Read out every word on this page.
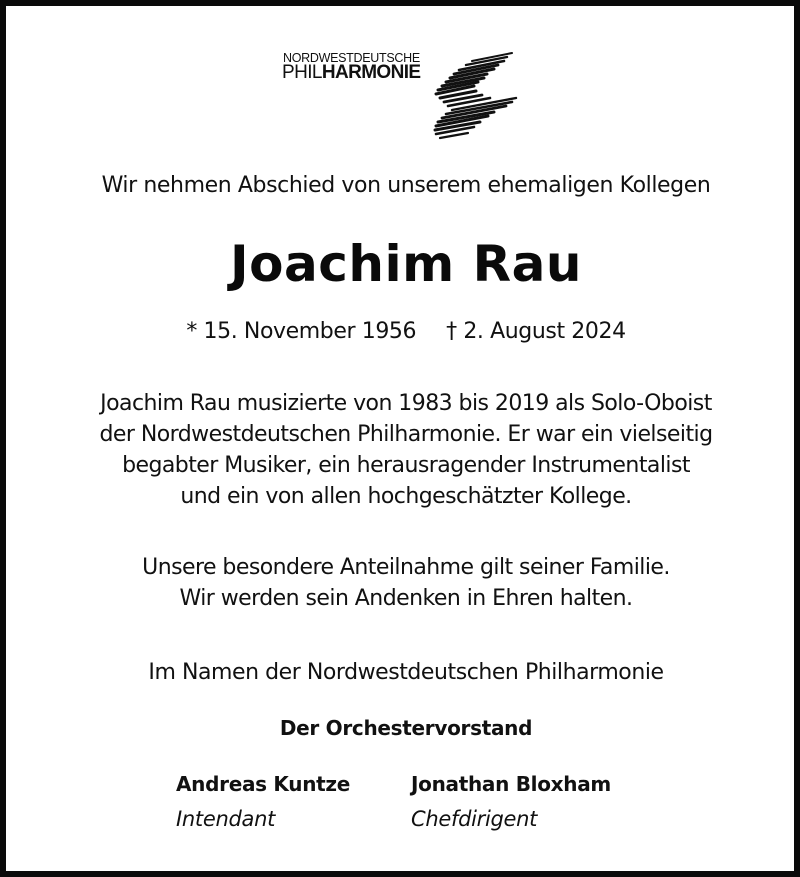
NORDWESTDEUTSCHE
PHILHARMONIE
Wir nehmen Abschied von unserem ehemaligen Kollegen
Joachim Rau
* 15. November 1956 † 2. August 2024
Joachim Rau musizierte von 1983 bis 2019 als Solo-Oboist
der Nordwestdeutschen Philharmonie. Er war ein vielseitig
begabter Musiker, ein herausragender Instrumentalist
und ein von allen hochgeschätzter Kollege.
Unsere besondere Anteilnahme gilt seiner Familie.
Wir werden sein Andenken in Ehren halten.
Im Namen der Nordwestdeutschen Philharmonie
Der Orchestervorstand
Andreas Kuntze
Intendant
Jonathan Bloxham
Chefdirigent
